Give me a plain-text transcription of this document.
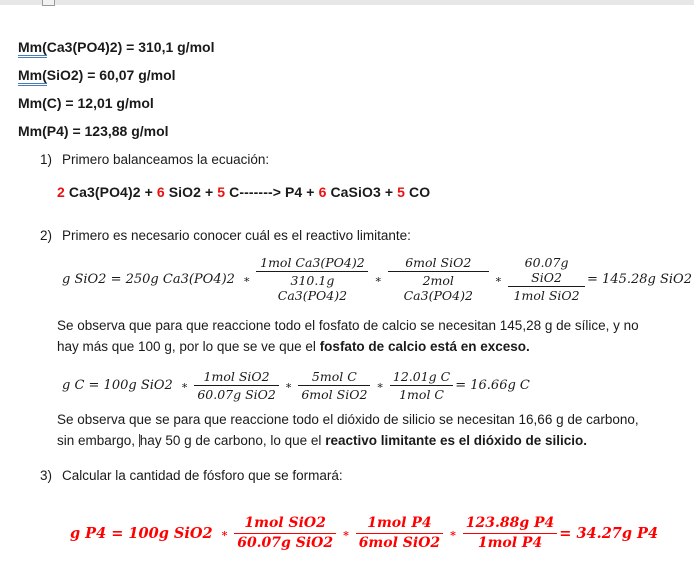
Mm(Ca3(PO4)2) = 310,1 g/mol
Mm(SiO2) = 60,07 g/mol
Mm(C) = 12,01 g/mol
Mm(P4) = 123,88 g/mol
1) Primero balanceamos la ecuación:
2 Ca3(PO4)2 + 6 SiO2 + 5 C-------> P4 + 6 CaSiO3 + 5 CO
2) Primero es necesario conocer cuál es el reactivo limitante:
g SiO2 = 250g Ca3(PO4)2 ∗ $\frac{\text{1mol Ca3(PO4)2}}{\text{310.1g Ca3(PO4)2}}$ ∗ $\frac{\text{6mol SiO2}}{\text{2mol Ca3(PO4)2}}$ ∗ $\frac{\text{60.07g SiO2}}{\text{1mol SiO2}} = 145.28g$ SiO2
Se observa que para que reaccione todo el fosfato de calcio se necesitan 145,28 g de sílice, y no hay más que 100 g, por lo que se ve que el fosfato de calcio está en exceso.
g C = 100g SiO2 ∗ $\frac{\text{1mol SiO2}}{\text{60.07g SiO2}}$ ∗ $\frac{\text{5mol C}}{\text{6mol SiO2}}$ ∗ $\frac{\text{12.01g C}}{\text{1mol C}} = 16.66g$ C
Se observa que se para que reaccione todo el dióxido de silicio se necesitan 16,66 g de carbono, sin embargo, hay 50 g de carbono, lo que el reactivo limitante es el dióxido de silicio.
3) Calcular la cantidad de fósforo que se formará:
g P4 = 100g SiO2 ∗ $\frac{\text{1mol SiO2}}{\text{60.07g SiO2}}$ ∗ $\frac{\text{1mol P4}}{\text{6mol SiO2}}$ ∗ $\frac{\text{123.88g P4}}{\text{1mol P4}} = 34.27g$ P4
